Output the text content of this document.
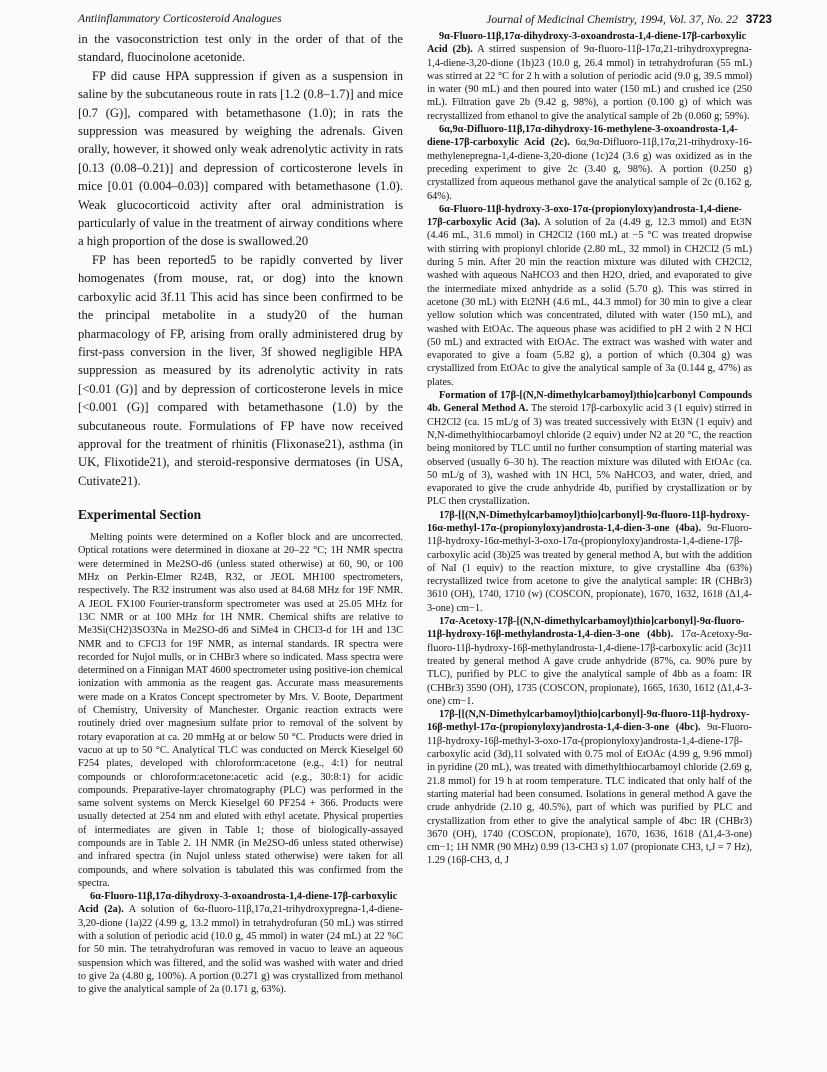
Antiinflammatory Corticosteroid Analogues	Journal of Medicinal Chemistry, 1994, Vol. 37, No. 22 3723

in the vasoconstriction test only in the order of that of the standard, fluocinolone acetonide.

FP did cause HPA suppression if given as a suspension in saline by the subcutaneous route in rats [1.2 (0.8–1.7)] and mice [0.7 (G)], compared with betamethasone (1.0); in rats the suppression was measured by weighing the adrenals. Given orally, however, it showed only weak adrenolytic activity in rats [0.13 (0.08–0.21)] and depression of corticosterone levels in mice [0.01 (0.004–0.03)] compared with betamethasone (1.0). Weak glucocorticoid activity after oral administration is particularly of value in the treatment of airway conditions where a high proportion of the dose is swallowed.20

FP has been reported5 to be rapidly converted by liver homogenates (from mouse, rat, or dog) into the known carboxylic acid 3f.11 This acid has since been confirmed to be the principal metabolite in a study20 of the human pharmacology of FP, arising from orally administered drug by first-pass conversion in the liver, 3f showed negligible HPA suppression as measured by its adrenolytic activity in rats [<0.01 (G)] and by depression of corticosterone levels in mice [<0.001 (G)] compared with betamethasone (1.0) by the subcutaneous route. Formulations of FP have now received approval for the treatment of rhinitis (Flixonase21), asthma (in UK, Flixotide21), and steroid-responsive dermatoses (in USA, Cutivate21).

Experimental Section

Melting points were determined on a Kofler block and are uncorrected. Optical rotations were determined in dioxane at 20–22 °C; 1H NMR spectra were determined in Me2SO-d6 (unless stated otherwise) at 60, 90, or 100 MHz on Perkin-Elmer R24B, R32, or JEOL MH100 spectrometers, respectively. The R32 instrument was also used at 84.68 MHz for 19F NMR. A JEOL FX100 Fourier-transform spectrometer was used at 25.05 MHz for 13C NMR or at 100 MHz for 1H NMR. Chemical shifts are relative to Me3Si(CH2)3SO3Na in Me2SO-d6 and SiMe4 in CHCl3-d for 1H and 13C NMR and to CFCl3 for 19F NMR, as internal standards. IR spectra were recorded for Nujol mulls, or in CHBr3 where so indicated. Mass spectra were determined on a Finnigan MAT 4600 spectrometer using positive-ion chemical ionization with ammonia as the reagent gas. Accurate mass measurements were made on a Kratos Concept spectrometer by Mrs. V. Boote, Department of Chemistry, University of Manchester. Organic reaction extracts were routinely dried over magnesium sulfate prior to removal of the solvent by rotary evaporation at ca. 20 mmHg at or below 50 °C. Products were dried in vacuo at up to 50 °C. Analytical TLC was conducted on Merck Kieselgel 60 F254 plates, developed with chloroform:acetone (e.g., 4:1) for neutral compounds or chloroform:acetone:acetic acid (e.g., 30:8:1) for acidic compounds. Preparative-layer chromatography (PLC) was performed in the same solvent systems on Merck Kieselgel 60 PF254 + 366. Products were usually detected at 254 nm and eluted with ethyl acetate. Physical properties of intermediates are given in Table 1; those of biologically-assayed compounds are in Table 2. 1H NMR (in Me2SO-d6 unless stated otherwise) and infrared spectra (in Nujol unless stated otherwise) were taken for all compounds, and where solvation is tabulated this was confirmed from the spectra.

6α-Fluoro-11β,17α-dihydroxy-3-oxoandrosta-1,4-diene-17β-carboxylic Acid (2a). A solution of 6α-fluoro-11β,17α,21-trihydroxypregna-1,4-diene-3,20-dione (1a)22 (4.99 g, 13.2 mmol) in tetrahydrofuran (50 mL) was stirred with a solution of periodic acid (10.0 g, 45 mmol) in water (24 mL) at 22 %C for 50 min. The tetrahydrofuran was removed in vacuo to leave an aqueous suspension which was filtered, and the solid was washed with water and dried to give 2a (4.80 g, 100%). A portion (0.271 g) was crystallized from methanol to give the analytical sample of 2a (0.171 g, 63%).

9α-Fluoro-11β,17α-dihydroxy-3-oxoandrosta-1,4-diene-17β-carboxylic Acid (2b). A stirred suspension of 9α-fluoro-11β-17α,21-trihydroxypregna-1,4-diene-3,20-dione (1b)23 (10.0 g, 26.4 mmol) in tetrahydrofuran (55 mL) was stirred at 22 °C for 2 h with a solution of periodic acid (9.0 g, 39.5 mmol) in water (90 mL) and then poured into water (150 mL) and crushed ice (250 mL). Filtration gave 2b (9.42 g, 98%), a portion (0.100 g) of which was recrystallized from ethanol to give the analytical sample of 2b (0.060 g; 59%).

6α,9α-Difluoro-11β,17α-dihydroxy-16-methylene-3-oxoandrosta-1,4-diene-17β-carboxylic Acid (2c). 6α,9α-Difluoro-11β,17α,21-trihydroxy-16-methylenepregna-1,4-diene-3,20-dione (1c)24 (3.6 g) was oxidized as in the preceding experiment to give 2c (3.40 g, 98%). A portion (0.250 g) crystallized from aqueous methanol gave the analytical sample of 2c (0.162 g, 64%).

6α-Fluoro-11β-hydroxy-3-oxo-17α-(propionyloxy)androsta-1,4-diene-17β-carboxylic Acid (3a). A solution of 2a (4.49 g, 12.3 mmol) and Et3N (4.46 mL, 31.6 mmol) in CH2Cl2 (160 mL) at −5 °C was treated dropwise with stirring with propionyl chloride (2.80 mL, 32 mmol) in CH2Cl2 (5 mL) during 5 min. After 20 min the reaction mixture was diluted with CH2Cl2, washed with aqueous NaHCO3 and then H2O, dried, and evaporated to give the intermediate mixed anhydride as a solid (5.70 g). This was stirred in acetone (30 mL) with Et2NH (4.6 mL, 44.3 mmol) for 30 min to give a clear yellow solution which was concentrated, diluted with water (150 mL), and washed with EtOAc. The aqueous phase was acidified to pH 2 with 2 N HCl (50 mL) and extracted with EtOAc. The extract was washed with water and evaporated to give a foam (5.82 g), a portion of which (0.304 g) was crystallized from EtOAc to give the analytical sample of 3a (0.144 g, 47%) as plates.

Formation of 17β-[(N,N-dimethylcarbamoyl)thio]carbonyl Compounds 4b. General Method A. The steroid 17β-carboxylic acid 3 (1 equiv) stirred in CH2Cl2 (ca. 15 mL/g of 3) was treated successively with Et3N (1 equiv) and N,N-dimethylthiocarbamoyl chloride (2 equiv) under N2 at 20 °C, the reaction being monitored by TLC until no further consumption of starting material was observed (usually 6–30 h). The reaction mixture was diluted with EtOAc (ca. 50 mL/g of 3), washed with 1N HCl, 5% NaHCO3, and water, dried, and evaporated to give the crude anhydride 4b, purified by crystallization or by PLC then crystallization.

17β-[[(N,N-Dimethylcarbamoyl)thio]carbonyl]-9α-fluoro-11β-hydroxy-16α-methyl-17α-(propionyloxy)androsta-1,4-dien-3-one (4ba). 9α-Fluoro-11β-hydroxy-16α-methyl-3-oxo-17α-(propionyloxy)androsta-1,4-diene-17β-carboxylic acid (3b)25 was treated by general method A, but with the addition of NaI (1 equiv) to the reaction mixture, to give crystalline 4ba (63%) recrystallized twice from acetone to give the analytical sample: IR (CHBr3) 3610 (OH), 1740, 1710 (w) (COSCON, propionate), 1670, 1632, 1618 (Δ1,4-3-one) cm−1.

17α-Acetoxy-17β-[(N,N-dimethylcarbamoyl)thio]carbonyl]-9α-fluoro-11β-hydroxy-16β-methylandrosta-1,4-dien-3-one (4bb). 17α-Acetoxy-9α-fluoro-11β-hydroxy-16β-methylandrosta-1,4-diene-17β-carboxylic acid (3c)11 treated by general method A gave crude anhydride (87%, ca. 90% pure by TLC), purified by PLC to give the analytical sample of 4bb as a foam: IR (CHBr3) 3590 (OH), 1735 (COSCON, propionate), 1665, 1630, 1612 (Δ1,4-3-one) cm−1.

17β-[[(N,N-Dimethylcarbamoyl)thio]carbonyl]-9α-fluoro-11β-hydroxy-16β-methyl-17α-(propionyloxy)androsta-1,4-dien-3-one (4bc). 9α-Fluoro-11β-hydroxy-16β-methyl-3-oxo-17α-(propionyloxy)androsta-1,4-diene-17β-carboxylic acid (3d),11 solvated with 0.75 mol of EtOAc (4.99 g, 9.96 mmol) in pyridine (20 mL), was treated with dimethylthiocarbamoyl chloride (2.69 g, 21.8 mmol) for 19 h at room temperature. TLC indicated that only half of the starting material had been consumed. Isolations in general method A gave the crude anhydride (2.10 g, 40.5%), part of which was purified by PLC and crystallization from ether to give the analytical sample of 4bc: IR (CHBr3) 3670 (OH), 1740 (COSCON, propionate), 1670, 1636, 1618 (Δ1,4-3-one) cm−1; 1H NMR (90 MHz) 0.99 (13-CH3 s) 1.07 (propionate CH3, t,J = 7 Hz), 1.29 (16β-CH3, d, J
